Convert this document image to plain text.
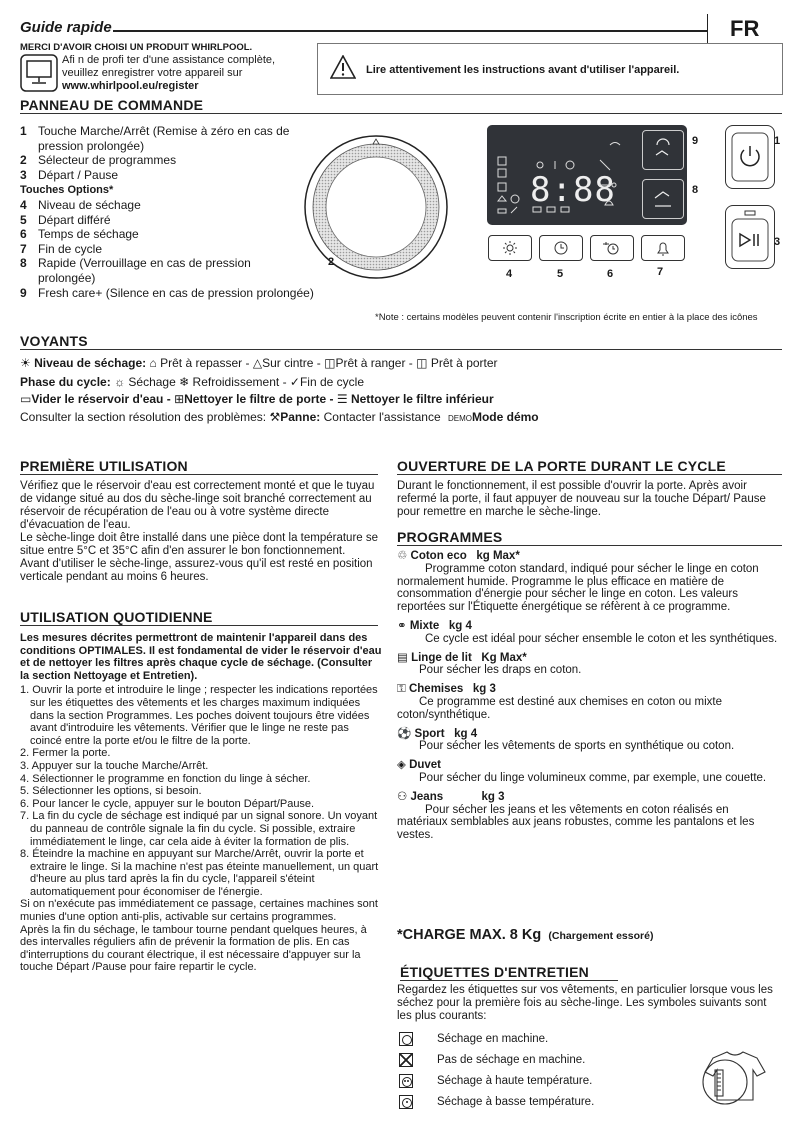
Guide rapide	FR
MERCI D'AVOIR CHOISI UN PRODUIT WHIRLPOOL.
Afi n de profi ter d'une assistance complète,
veuillez enregistrer votre appareil sur
www.whirlpool.eu/register
Lire attentivement les instructions avant d'utiliser l'appareil.
PANNEAU DE COMMANDE
1 Touche Marche/Arrêt (Remise à zéro en cas de pression prolongée)
2 Sélecteur de programmes
3 Départ / Pause
Touches Options*
4 Niveau de séchage
5 Départ différé
6 Temps de séchage
7 Fin de cycle
8 Rapide (Verrouillage en cas de pression prolongée)
9 Fresh care+ (Silence en cas de pression prolongée)
8:88
1
2
3
4	5	6	7
8
9
*Note : certains modèles peuvent contenir l'inscription écrite en entier à la place des icônes
VOYANTS
☀ Niveau de séchage: ⌂ Prêt à repasser - △Sur cintre - ◫Prêt à ranger - ◫ Prêt à porter
Phase du cycle: ☼ Séchage ❄ Refroidissement - ✓Fin de cycle
▭Vider le réservoir d'eau - ⊞Nettoyer le filtre de porte - ☰ Nettoyer le filtre inférieur
Consulter la section résolution des problèmes: ⚒Panne: Contacter l'assistance DEMOMode démo
PREMIÈRE UTILISATION

Vérifiez que le réservoir d'eau est correctement monté et que le tuyau de vidange situé au dos du sèche-linge soit branché correctement au réservoir de récupération de l'eau ou à votre système directe d'évacuation de l'eau.

Le sèche-linge doit être installé dans une pièce dont la température se situe entre 5°C et 35°C afin d'en assurer le bon fonctionnement.

Avant d'utiliser le sèche-linge, assurez-vous qu'il est resté en position verticale pendant au moins 6 heures.

UTILISATION QUOTIDIENNE

Les mesures décrites permettront de maintenir l'appareil dans des conditions OPTIMALES. Il est fondamental de vider le réservoir d'eau et de nettoyer les filtres après chaque cycle de séchage. (Consulter la section Nettoyage et Entretien).

1. Ouvrir la porte et introduire le linge ; respecter les indications reportées sur les étiquettes des vêtements et les charges maximum indiquées dans la section Programmes. Les poches doivent toujours être vidées avant d'introduire les vêtements. Vérifier que le linge ne reste pas coincé entre la porte et/ou le filtre de la porte.

2. Fermer la porte.

3. Appuyer sur la touche Marche/Arrêt.

4. Sélectionner le programme en fonction du linge à sécher.

5. Sélectionner les options, si besoin.

6. Pour lancer le cycle, appuyer sur le bouton Départ/Pause.

7. La fin du cycle de séchage est indiqué par un signal sonore. Un voyant du panneau de contrôle signale la fin du cycle. Si possible, extraire immédiatement le linge, car cela aide à éviter la formation de plis.

8. Éteindre la machine en appuyant sur Marche/Arrêt, ouvrir la porte et extraire le linge. Si la machine n'est pas éteinte manuellement, un quart d'heure au plus tard après la fin du cycle, l'appareil s'éteint automatiquement pour économiser de l'énergie.

Si on n'exécute pas immédiatement ce passage, certaines machines sont munies d'une option anti-plis, activable sur certains programmes.

Après la fin du séchage, le tambour tourne pendant quelques heures, à des intervalles réguliers afin de prévenir la formation de plis. En cas d'interruptions du courant électrique, il est nécessaire d'appuyer sur la touche Départ /Pause pour faire repartir le cycle.

OUVERTURE DE LA PORTE DURANT LE CYCLE
Durant le fonctionnement, il est possible d'ouvrir la porte. Après avoir refermé la porte, il faut appuyer de nouveau sur la touche Départ/ Pause pour remettre en marche le sèche-linge.
PROGRAMMES
♲ Coton eco kg Max*

Programme coton standard, indiqué pour sécher le linge en coton normalement humide. Programme le plus efficace en matière de consommation d'énergie pour sécher le linge en coton. Les valeurs reportées sur l'Étiquette énergétique se réfèrent à ce programme.

⚭ Mixte kg 4

Ce cycle est idéal pour sécher ensemble le coton et les synthétiques.

▤ Linge de lit Kg Max*

Pour sécher les draps en coton.

⚿ Chemises kg 3

Ce programme est destiné aux chemises en coton ou mixte coton/synthétique.

⚽ Sport kg 4

Pour sécher les vêtements de sports en synthétique ou coton.

◈ Duvet

Pour sécher du linge volumineux comme, par exemple, une couette.

⚇ Jeans	kg 3

Pour sécher les jeans et les vêtements en coton réalisés en matériaux semblables aux jeans robustes, comme les pantalons et les vestes.

*CHARGE MAX. 8 Kg (Chargement essoré)
ÉTIQUETTES D'ENTRETIEN
Regardez les étiquettes sur vos vêtements, en particulier lorsque vous les séchez pour la première fois au sèche-linge. Les symboles suivants sont les plus courants:
Séchage en machine.
Pas de séchage en machine.
Séchage à haute température.
Séchage à basse température.
